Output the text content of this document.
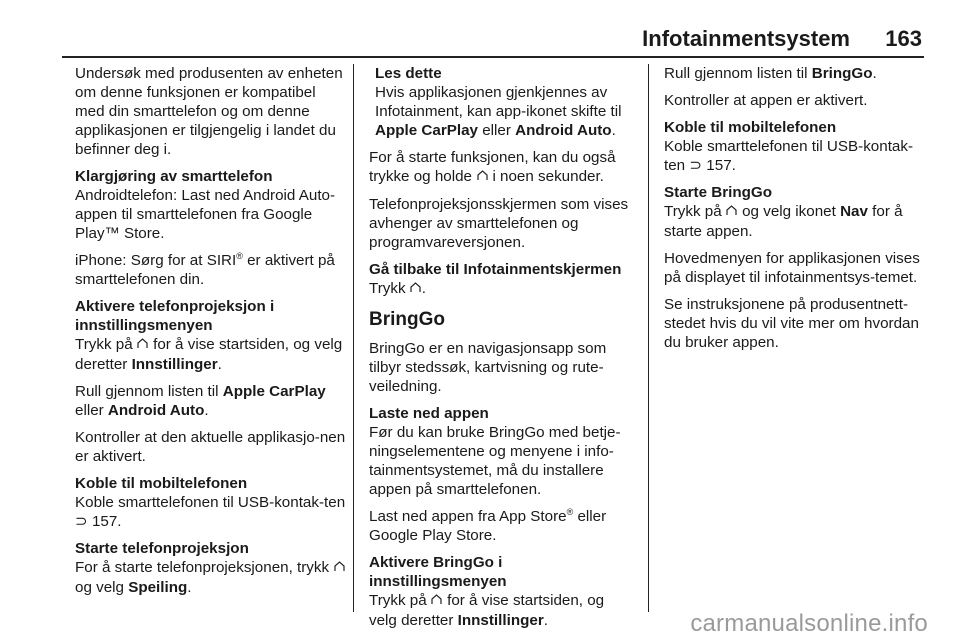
Infotainmentsystem 163

Undersøk med produsenten av enheten om denne funksjonen er kompatibel med din smarttelefon og om denne applikasjonen er tilgjengelig i landet du befinner deg i.

Klargjøring av smarttelefon
Androidtelefon: Last ned Android Auto-appen til smarttelefonen fra Google Play™ Store.

iPhone: Sørg for at SIRI® er aktivert på smarttelefonen din.

Aktivere telefonprojeksjon i innstillingsmenyen
Trykk på  for å vise startsiden, og velg deretter Innstillinger.

Rull gjennom listen til Apple CarPlay
eller Android Auto.

Kontroller at den aktuelle applikasjo-nen er aktivert.

Koble til mobiltelefonen
Koble smarttelefonen til USB-kontak-ten ⊃ 157.

Starte telefonprojeksjon
For å starte telefonprojeksjonen, trykk  og velg Speiling.

Les dette
Hvis applikasjonen gjenkjennes av Infotainment, kan app-ikonet skifte til Apple CarPlay eller Android Auto.

For å starte funksjonen, kan du også trykke og holde  i noen sekunder.

Telefonprojeksjonsskjermen som vises avhenger av smarttelefonen og programvareversjonen.

Gå tilbake til Infotainmentskjermen
Trykk .

BringGo

BringGo er en navigasjonsapp som tilbyr stedssøk, kartvisning og rute-veiledning.

Laste ned appen
Før du kan bruke BringGo med betje-ningselementene og menyene i info-tainmentsystemet, må du installere appen på smarttelefonen.

Last ned appen fra App Store® eller Google Play Store.

Aktivere BringGo i innstillingsmenyen
Trykk på  for å vise startsiden, og velg deretter Innstillinger.

Rull gjennom listen til BringGo.

Kontroller at appen er aktivert.

Koble til mobiltelefonen
Koble smarttelefonen til USB-kontak-ten ⊃ 157.

Starte BringGo
Trykk på  og velg ikonet Nav for å starte appen.

Hovedmenyen for applikasjonen vises på displayet til infotainmentsys-temet.

Se instruksjonene på produsentnett-stedet hvis du vil vite mer om hvordan du bruker appen.

carmanualsonline.info
